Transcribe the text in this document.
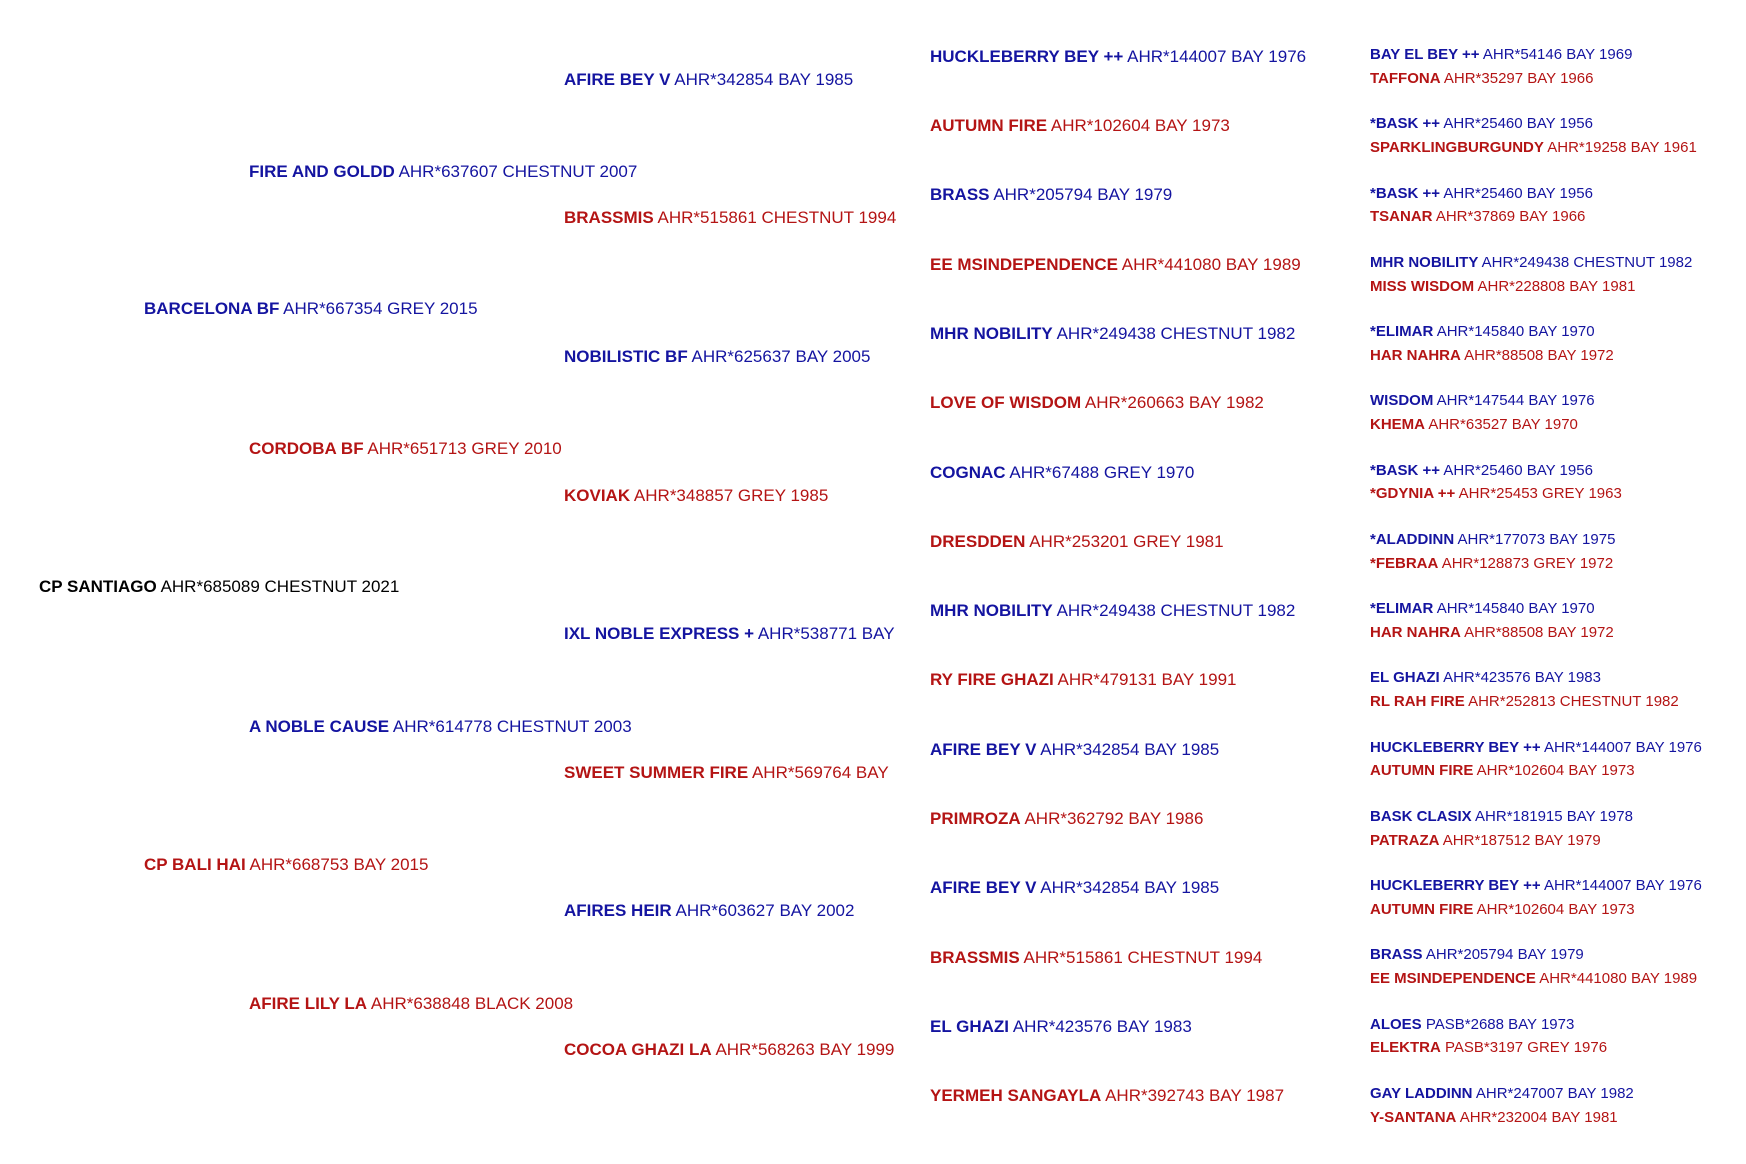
CP SANTIAGO AHR*685089 CHESTNUT 2021
BARCELONA BF AHR*667354 GREY 2015
CP BALI HAI AHR*668753 BAY 2015
FIRE AND GOLDD AHR*637607 CHESTNUT 2007
CORDOBA BF AHR*651713 GREY 2010
A NOBLE CAUSE AHR*614778 CHESTNUT 2003
AFIRE LILY LA AHR*638848 BLACK 2008
AFIRE BEY V AHR*342854 BAY 1985
BRASSMIS AHR*515861 CHESTNUT 1994
NOBILISTIC BF AHR*625637 BAY 2005
KOVIAK AHR*348857 GREY 1985
IXL NOBLE EXPRESS + AHR*538771 BAY
SWEET SUMMER FIRE AHR*569764 BAY
AFIRES HEIR AHR*603627 BAY 2002
COCOA GHAZI LA AHR*568263 BAY 1999
HUCKLEBERRY BEY ++ AHR*144007 BAY 1976
AUTUMN FIRE AHR*102604 BAY 1973
BRASS AHR*205794 BAY 1979
EE MSINDEPENDENCE AHR*441080 BAY 1989
MHR NOBILITY AHR*249438 CHESTNUT 1982
LOVE OF WISDOM AHR*260663 BAY 1982
COGNAC AHR*67488 GREY 1970
DRESDDEN AHR*253201 GREY 1981
MHR NOBILITY AHR*249438 CHESTNUT 1982
RY FIRE GHAZI AHR*479131 BAY 1991
AFIRE BEY V AHR*342854 BAY 1985
PRIMROZA AHR*362792 BAY 1986
AFIRE BEY V AHR*342854 BAY 1985
BRASSMIS AHR*515861 CHESTNUT 1994
EL GHAZI AHR*423576 BAY 1983
YERMEH SANGAYLA AHR*392743 BAY 1987
BAY EL BEY ++ AHR*54146 BAY 1969
TAFFONA AHR*35297 BAY 1966
*BASK ++ AHR*25460 BAY 1956
SPARKLINGBURGUNDY AHR*19258 BAY 1961
*BASK ++ AHR*25460 BAY 1956
TSANAR AHR*37869 BAY 1966
MHR NOBILITY AHR*249438 CHESTNUT 1982
MISS WISDOM AHR*228808 BAY 1981
*ELIMAR AHR*145840 BAY 1970
HAR NAHRA AHR*88508 BAY 1972
WISDOM AHR*147544 BAY 1976
KHEMA AHR*63527 BAY 1970
*BASK ++ AHR*25460 BAY 1956
*GDYNIA ++ AHR*25453 GREY 1963
*ALADDINN AHR*177073 BAY 1975
*FEBRAA AHR*128873 GREY 1972
*ELIMAR AHR*145840 BAY 1970
HAR NAHRA AHR*88508 BAY 1972
EL GHAZI AHR*423576 BAY 1983
RL RAH FIRE AHR*252813 CHESTNUT 1982
HUCKLEBERRY BEY ++ AHR*144007 BAY 1976
AUTUMN FIRE AHR*102604 BAY 1973
BASK CLASIX AHR*181915 BAY 1978
PATRAZA AHR*187512 BAY 1979
HUCKLEBERRY BEY ++ AHR*144007 BAY 1976
AUTUMN FIRE AHR*102604 BAY 1973
BRASS AHR*205794 BAY 1979
EE MSINDEPENDENCE AHR*441080 BAY 1989
ALOES PASB*2688 BAY 1973
ELEKTRA PASB*3197 GREY 1976
GAY LADDINN AHR*247007 BAY 1982
Y-SANTANA AHR*232004 BAY 1981
